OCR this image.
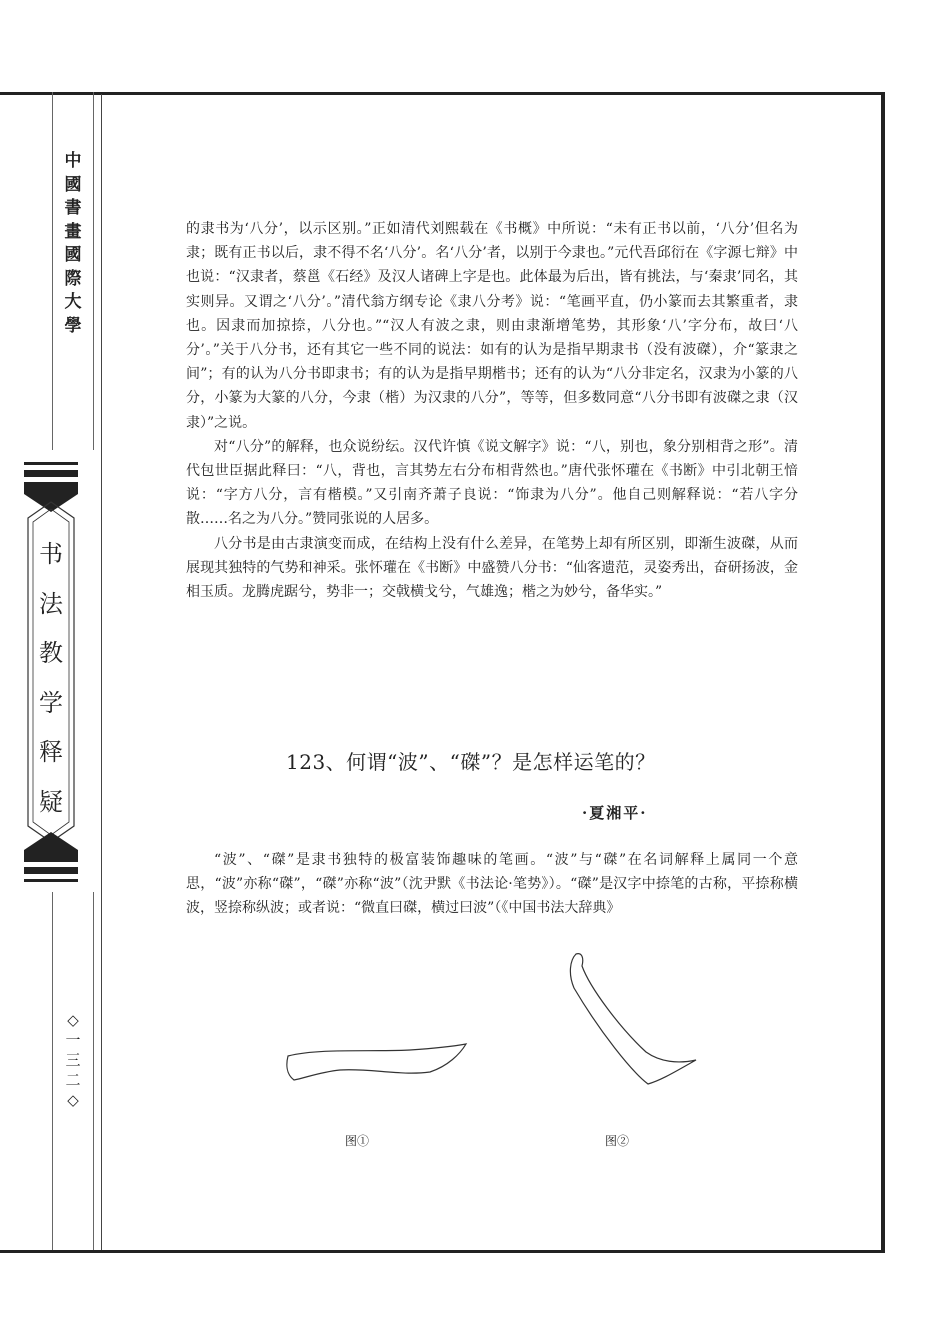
中
國
書
畫
國
際
大
學
书
法
教
学
释
疑
◇
一
三
二
◇

的隶书为‘八分’，以示区别。”正如清代刘熙载在《书概》中所说：“未有正书以前，‘八分’但名为隶；既有正书以后，隶不得不名‘八分’。名‘八分’者，以别于今隶也。”元代吾邱衍在《字源七辩》中也说：“汉隶者，蔡邕《石经》及汉人诸碑上字是也。此体最为后出，皆有挑法，与‘秦隶’同名，其实则异。又谓之‘八分’。”清代翁方纲专论《隶八分考》说：“笔画平直，仍小篆而去其繁重者，隶也。因隶而加掠捺，八分也。”“汉人有波之隶，则由隶渐增笔势，其形象‘八’字分布，故曰‘八分’。”关于八分书，还有其它一些不同的说法：如有的认为是指早期隶书（没有波磔），介“篆隶之间”；有的认为八分书即隶书；有的认为是指早期楷书；还有的认为“八分非定名，汉隶为小篆的八分，小篆为大篆的八分，今隶（楷）为汉隶的八分”，等等，但多数同意“八分书即有波磔之隶（汉隶）”之说。

对“八分”的解释，也众说纷纭。汉代许慎《说文解字》说：“八，别也，象分别相背之形”。清代包世臣据此释曰：“八，背也，言其势左右分布相背然也。”唐代张怀瓘在《书断》中引北朝王愔说：“字方八分，言有楷模。”又引南齐萧子良说：“饰隶为八分”。他自己则解释说：“若八字分散……名之为八分。”赞同张说的人居多。

八分书是由古隶演变而成，在结构上没有什么差异，在笔势上却有所区别，即渐生波磔，从而展现其独特的气势和神采。张怀瓘在《书断》中盛赞八分书：“仙客遗范，灵姿秀出，奋研扬波，金相玉质。龙腾虎踞兮，势非一；交戟横戈兮，气雄逸；楷之为妙兮，备华实。”

123、何谓“波”、“磔”？是怎样运笔的？
·夏湘平·

“波”、“磔”是隶书独特的极富装饰趣味的笔画。“波”与“磔”在名词解释上属同一个意思，“波”亦称“磔”，“磔”亦称“波”（沈尹默《书法论·笔势》）。“磔”是汉字中捺笔的古称，平捺称横波，竖捺称纵波；或者说：“微直曰磔，横过曰波”（《中国书法大辞典》

图①	图②
